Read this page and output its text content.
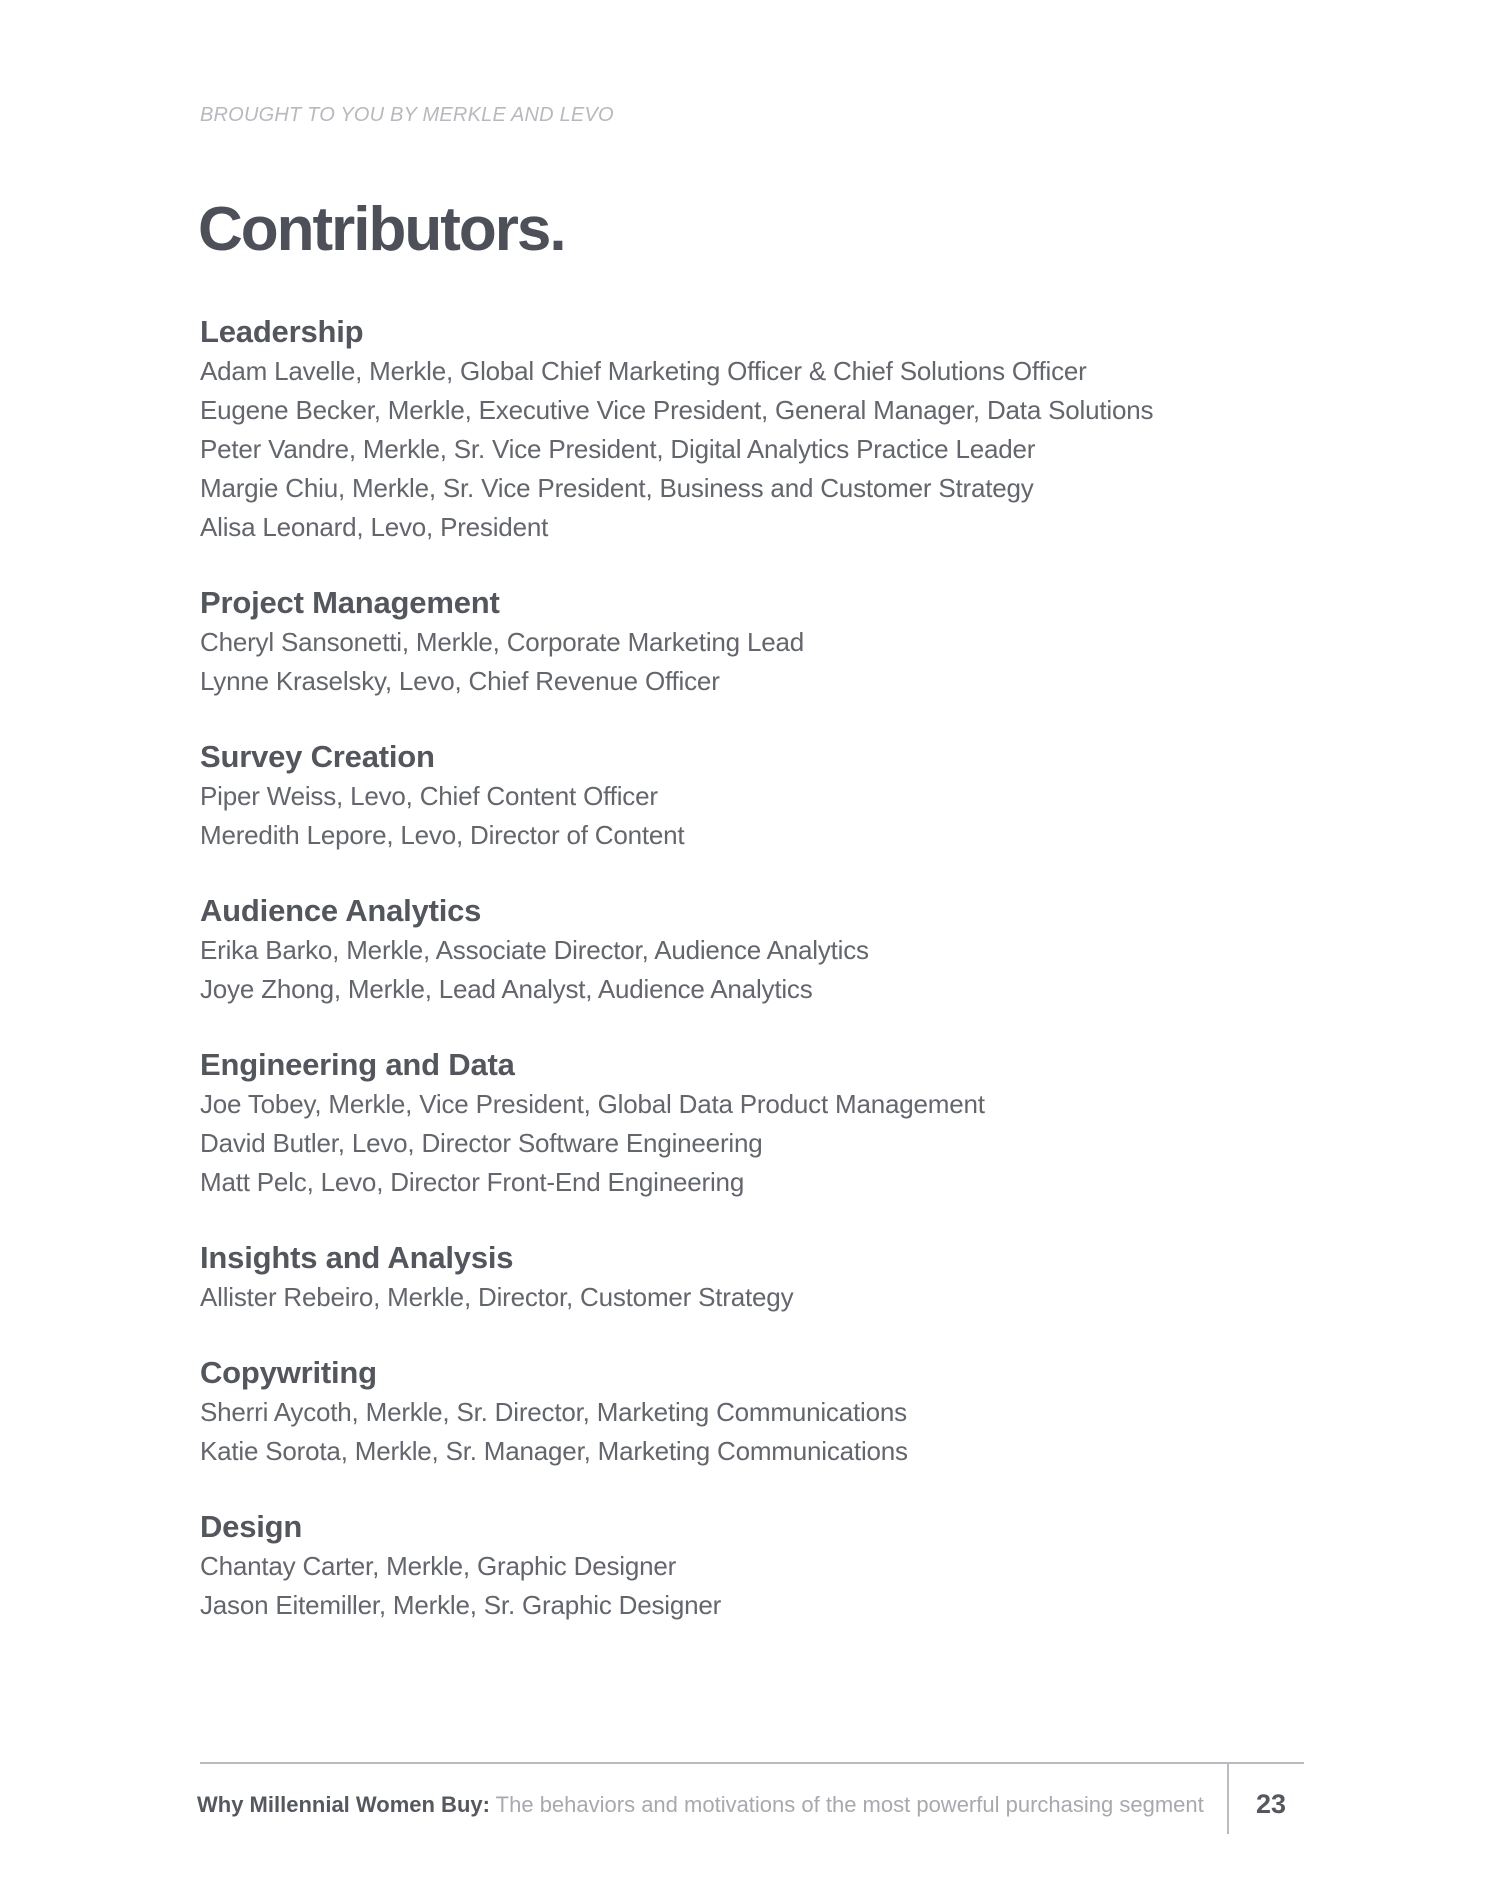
BROUGHT TO YOU BY MERKLE AND LEVO

Contributors.
Leadership
Adam Lavelle, Merkle, Global Chief Marketing Officer & Chief Solutions Officer
Eugene Becker, Merkle, Executive Vice President, General Manager, Data Solutions
Peter Vandre, Merkle, Sr. Vice President, Digital Analytics Practice Leader
Margie Chiu, Merkle, Sr. Vice President, Business and Customer Strategy
Alisa Leonard, Levo, President
Project Management
Cheryl Sansonetti, Merkle, Corporate Marketing Lead
Lynne Kraselsky, Levo, Chief Revenue Officer
Survey Creation
Piper Weiss, Levo, Chief Content Officer
Meredith Lepore, Levo, Director of Content
Audience Analytics
Erika Barko, Merkle, Associate Director, Audience Analytics
Joye Zhong, Merkle, Lead Analyst, Audience Analytics
Engineering and Data
Joe Tobey, Merkle, Vice President, Global Data Product Management
David Butler, Levo, Director Software Engineering
Matt Pelc, Levo, Director Front-End Engineering
Insights and Analysis
Allister Rebeiro, Merkle, Director, Customer Strategy
Copywriting
Sherri Aycoth, Merkle, Sr. Director, Marketing Communications
Katie Sorota, Merkle, Sr. Manager, Marketing Communications
Design
Chantay Carter, Merkle, Graphic Designer
Jason Eitemiller, Merkle, Sr. Graphic Designer

Why Millennial Women Buy: The behaviors and motivations of the most powerful purchasing segment 23
